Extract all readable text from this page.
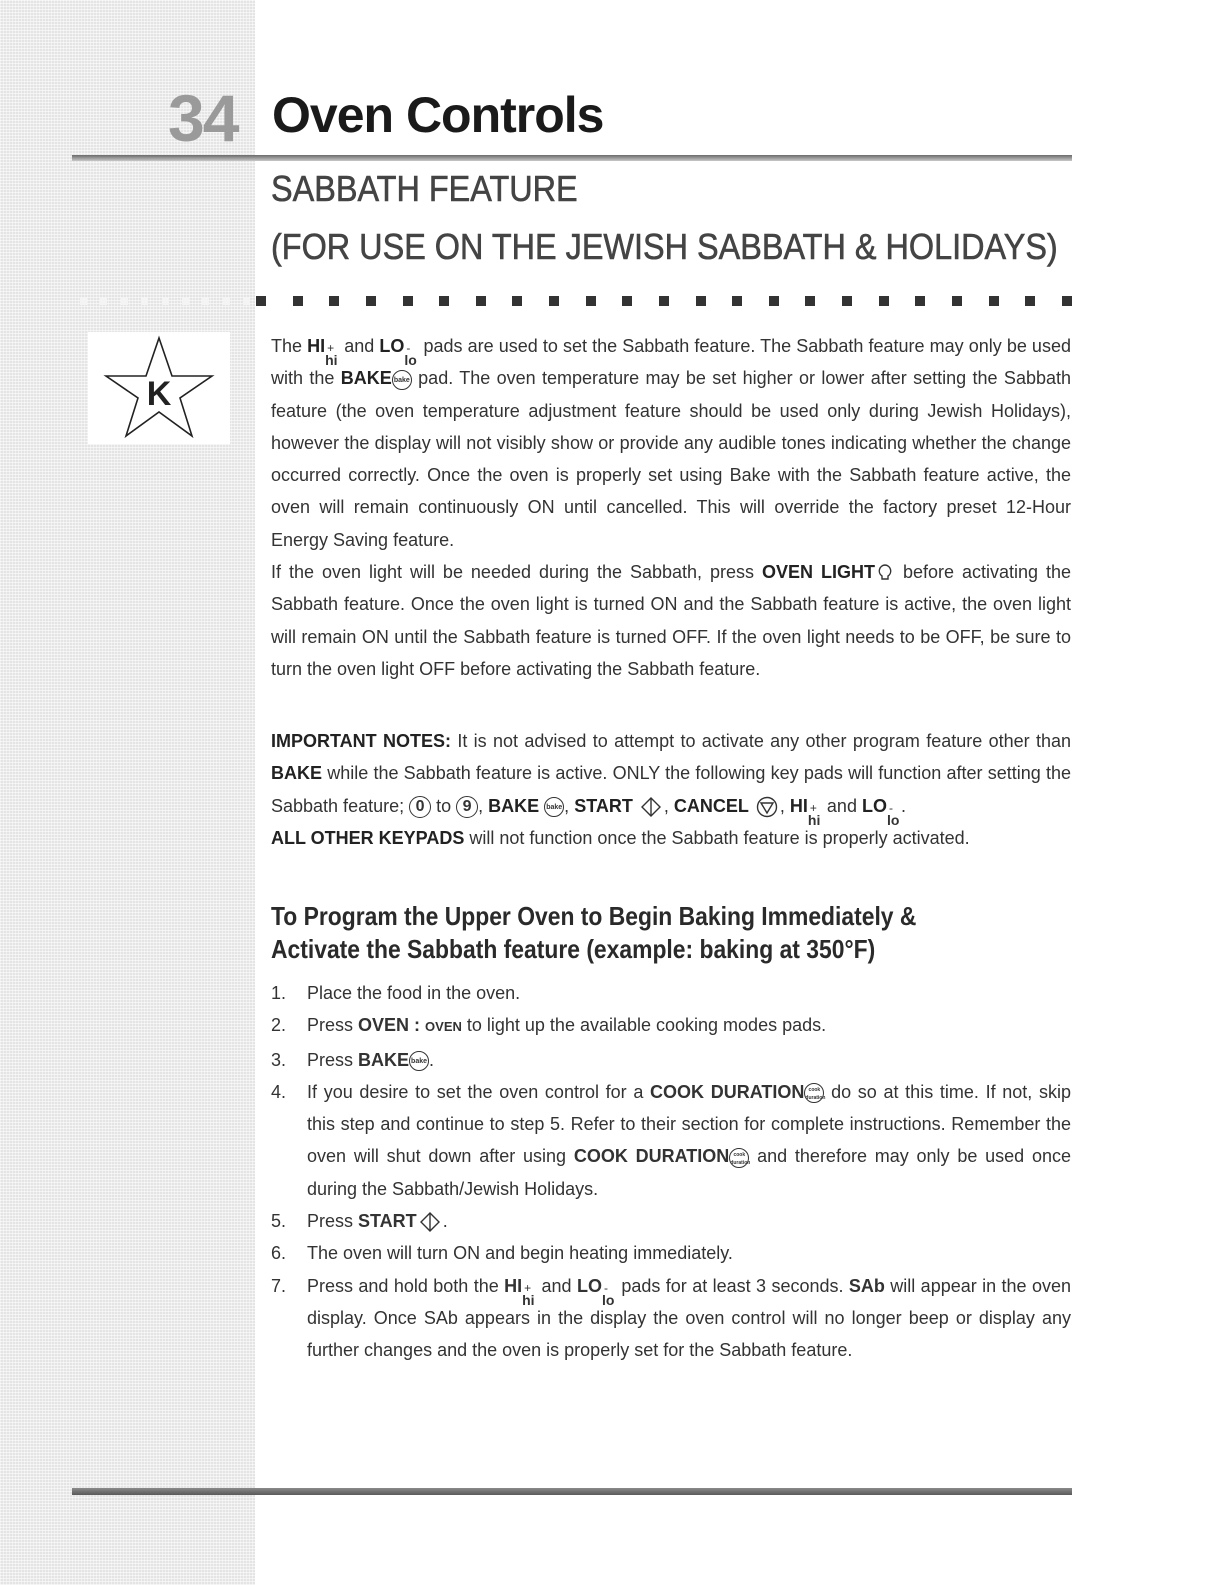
34 Oven Controls
SABBATH FEATURE
(FOR USE ON THE JEWISH SABBATH & HOLIDAYS)
K

The HI +
hi
and LO -
lo
pads are used to set the Sabbath feature. The Sabbath feature may only be used with the BAKE bake pad. The oven temperature may be set higher or lower after setting the Sabbath feature (the oven temperature adjustment feature should be used only during Jewish Holidays), however the display will not visibly show or provide any audible tones indicating whether the change occurred correctly. Once the oven is properly set using Bake with the Sabbath feature active, the oven will remain continuously ON until cancelled. This will override the factory preset 12-Hour Energy Saving feature.

If the oven light will be needed during the Sabbath, press OVEN LIGHT before activating the Sabbath feature. Once the oven light is turned ON and the Sabbath feature is active, the oven light will remain ON until the Sabbath feature is turned OFF. If the oven light needs to be OFF, be sure to turn the oven light OFF before activating the Sabbath feature.

IMPORTANT NOTES: It is not advised to attempt to activate any other program feature other than BAKE while the Sabbath feature is active. ONLY the following key pads will function after setting the Sabbath feature; 0 to 9 , BAKE bake , START , CANCEL , HI +
hi
and LO -
lo
.

ALL OTHER KEYPADS will not function once the Sabbath feature is properly activated.

To Program the Upper Oven to Begin Baking Immediately & Activate the Sabbath feature (example: baking at 350°F)
1. Place the food in the oven.
2. Press OVEN : OVEN to light up the available cooking modes pads.
3. Press BAKE bake .
4. If you desire to set the oven control for a COOK DURATION cook duration do so at this time. If not, skip this step and continue to step 5. Refer to their section for complete instructions. Remember the oven will shut down after using COOK DURATION cook duration and therefore may only be used once during the Sabbath/Jewish Holidays.
5. Press START .
6. The oven will turn ON and begin heating immediately.
7. Press and hold both the HI +
hi
and LO -
lo
pads for at least 3 seconds. SAb will appear in the oven display. Once SAb appears in the display the oven control will no longer beep or display any further changes and the oven is properly set for the Sabbath feature.
